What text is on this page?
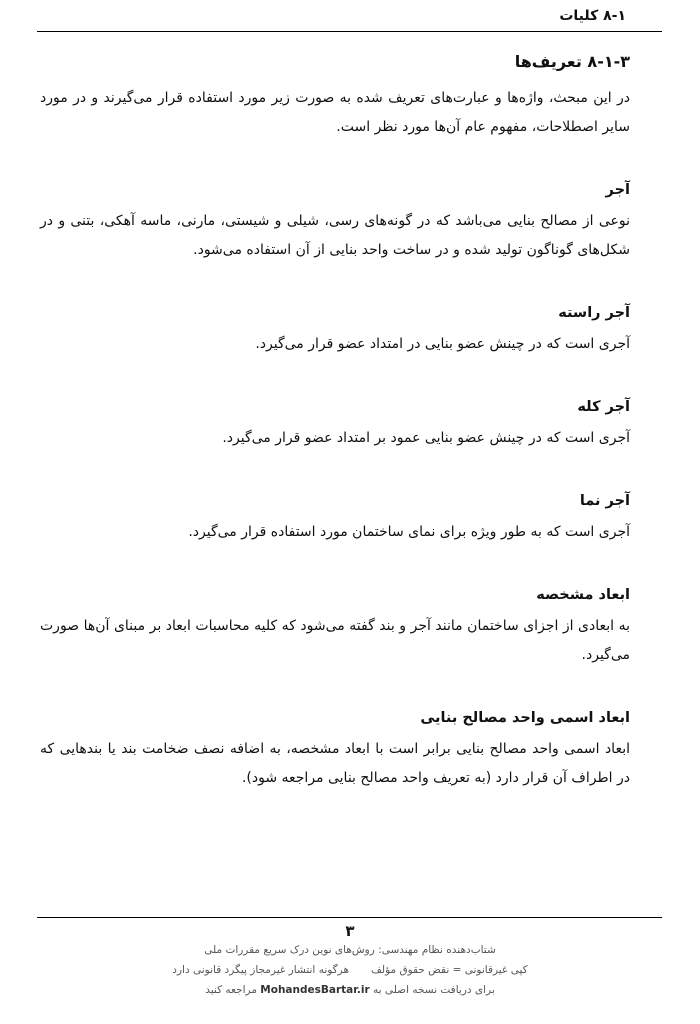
۸-۱ کلیات
۸-۱-۳ تعریف‌ها

در این مبحث، واژه‌ها و عبارت‌های تعریف شده به صورت زیر مورد استفاده قرار می‌گیرند و در مورد سایر اصطلاحات، مفهوم عام آن‌ها مورد نظر است.

آجر

نوعی از مصالح بنایی می‌باشد که در گونه‌های رسی، شیلی و شیستی، مارنی، ماسه آهکی، بتنی و در شکل‌های گوناگون تولید شده و در ساخت واحد بنایی از آن استفاده می‌شود.

آجر راسته

آجری است که در چینش عضو بنایی در امتداد عضو قرار می‌گیرد.

آجر کله

آجری است که در چینش عضو بنایی عمود بر امتداد عضو قرار می‌گیرد.

آجر نما

آجری است که به طور ویژه برای نمای ساختمان مورد استفاده قرار می‌گیرد.

ابعاد مشخصه

به ابعادی از اجزای ساختمان مانند آجر و بند گفته می‌شود که کلیه محاسبات ابعاد بر مبنای آن‌ها صورت می‌گیرد.

ابعاد اسمی واحد مصالح بنایی

ابعاد اسمی واحد مصالح بنایی برابر است با ابعاد مشخصه، به اضافه نصف ضخامت بند یا بندهایی که در اطراف آن قرار دارد (به تعریف واحد مصالح بنایی مراجعه شود).

۳
شتاب‌دهنده نظام مهندسی: روش‌های نوین درک سریع مقررات ملی
کپی غیرقانونی = نقض حقوق مؤلفهرگونه انتشار غیرمجاز پیگرد قانونی دارد
برای دریافت نسخه اصلی به MohandesBartar.ir مراجعه کنید
